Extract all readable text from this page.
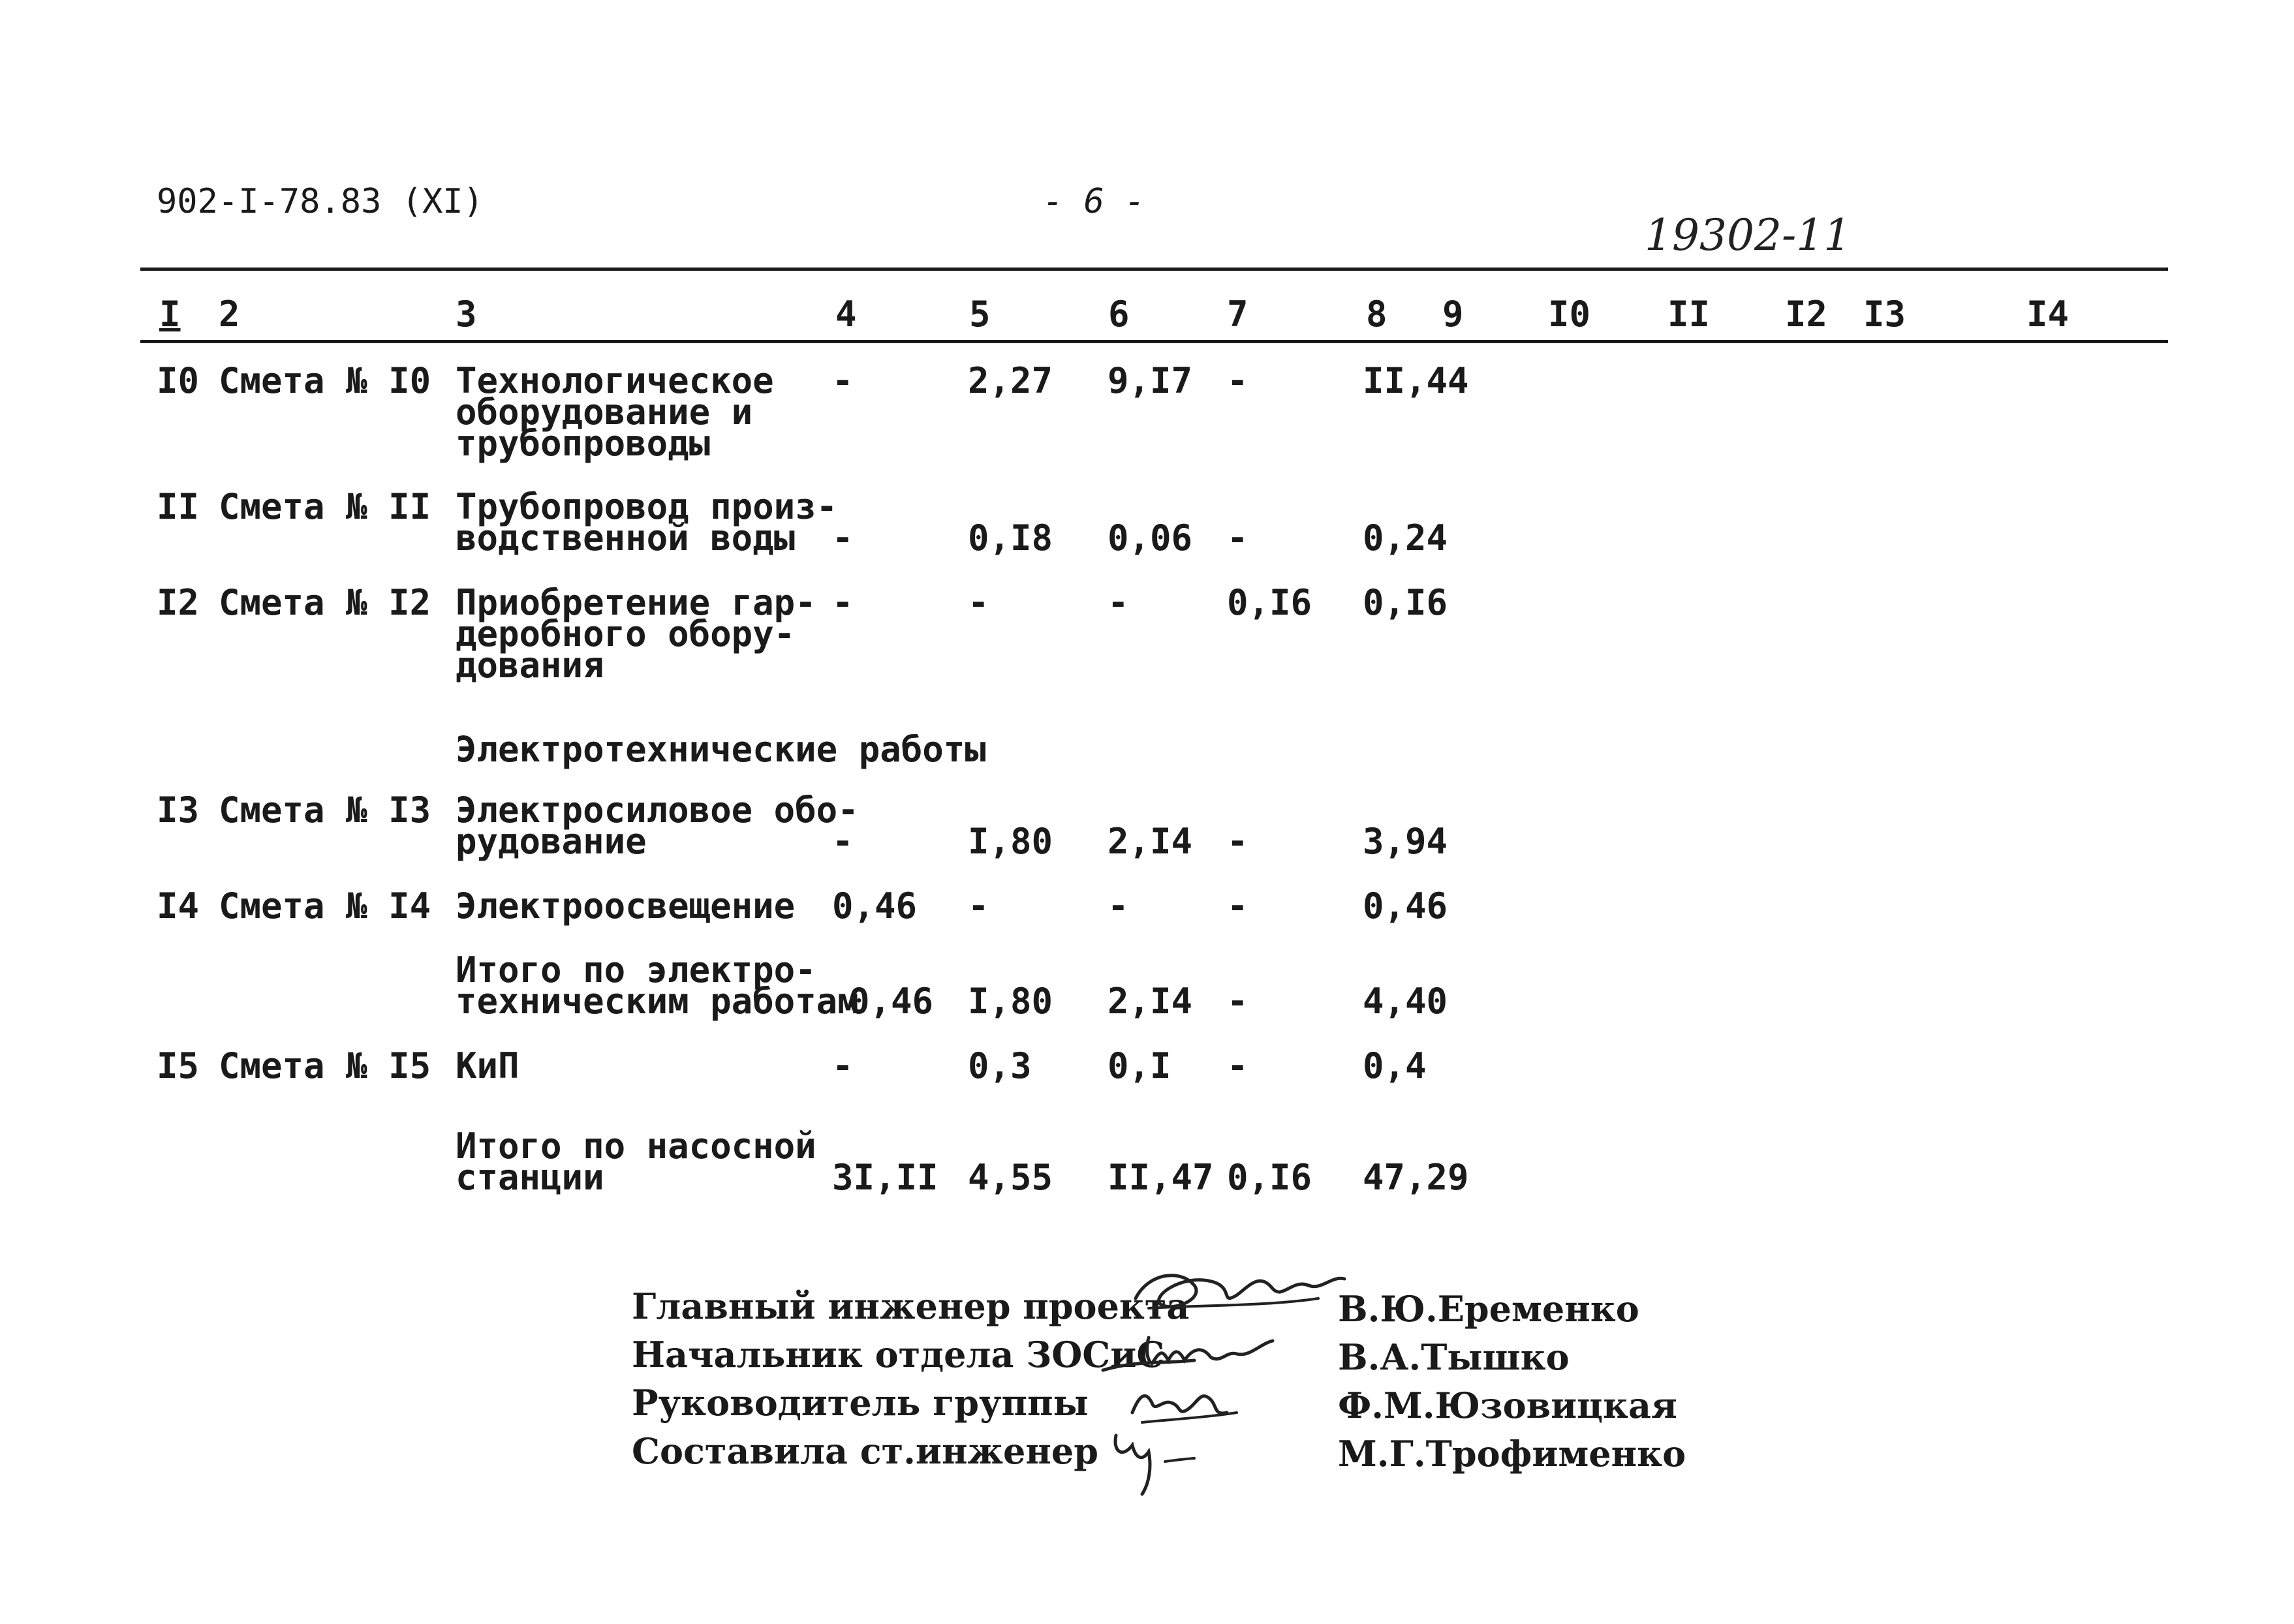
902-I-78.83 (XI)	- 6 -
19302-11
I 2	3	4	5	6	7	8 9 I0 II I2 I3	I4
I0 Смета № I0 Технологическое
оборудование и
трубопроводы
-	2,27 9,I7 -	II,44
II Смета № II Трубопровод произ-
водственной воды -	0,I8 0,06 -	0,24
I2 Смета № I2 Приобретение гар-
деробного обору-
дования
-	-	-	0,I6 0,I6
Электротехнические работы
I3 Смета № I3 Электросиловое обо-
рудование	-	I,80 2,I4 -	3,94
I4 Смета № I4 Электроосвещение 0,46 -	-	-	0,46
Итого по электро-
техническим работам
0,46 I,80 2,I4 -	4,40
I5 Смета № I5 КиП	-	0,3 0,I -	0,4
Итого по насосной
станции	3I,II 4,55 II,47 0,I6 47,29
Главный инженер проекта
Начальник отдела ЗОСиС
Руководитель группы
Составила ст.инженер
В.Ю.Еременко
В.А.Тышко
Ф.М.Юзовицкая
М.Г.Трофименко
